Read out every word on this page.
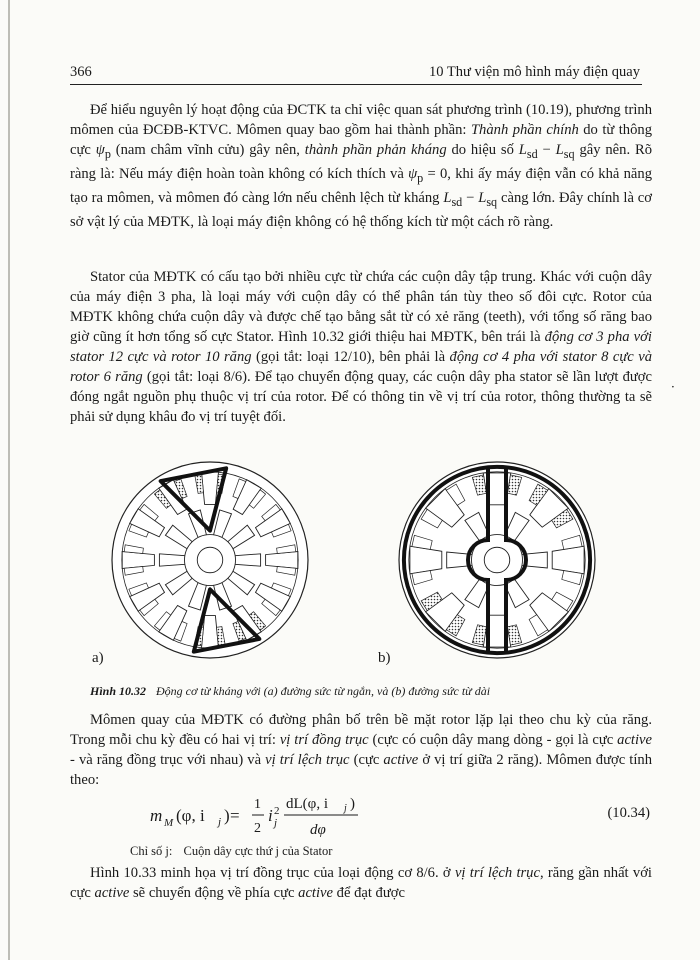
366	10 Thư viện mô hình máy điện quay

Để hiểu nguyên lý hoạt động của ĐCTK ta chỉ việc quan sát phương trình (10.19), phương trình mômen của ĐCĐB-KTVC. Mômen quay bao gồm hai thành phần: Thành phần chính do từ thông cực $\psi_p$ (nam châm vĩnh cửu) gây nên, thành phần phản kháng do hiệu số $L_{sd} - L_{sq}$ gây nên. Rõ ràng là: Nếu máy điện hoàn toàn không có kích thích và $\psi_p = 0$, khi ấy máy điện vẫn có khả năng tạo ra mômen, và mômen đó càng lớn nếu chênh lệch từ kháng $L_{sd} - L_{sq}$ càng lớn. Đây chính là cơ sở vật lý của MĐTK, là loại máy điện không có hệ thống kích từ một cách rõ ràng.

Stator của MĐTK có cấu tạo bởi nhiều cực từ chứa các cuộn dây tập trung. Khác với cuộn dây của máy điện 3 pha, là loại máy với cuộn dây có thể phân tán tùy theo số đôi cực. Rotor của MĐTK không chứa cuộn dây và được chế tạo bằng sắt từ có xẻ răng (teeth), với tổng số răng bao giờ cũng ít hơn tổng số cực Stator. Hình 10.32 giới thiệu hai MĐTK, bên trái là động cơ 3 pha với stator 12 cực và rotor 10 răng (gọi tắt: loại 12/10), bên phải là động cơ 4 pha với stator 8 cực và rotor 6 răng (gọi tắt: loại 8/6). Để tạo chuyển động quay, các cuộn dây pha stator sẽ lần lượt được đóng ngắt nguồn phụ thuộc vị trí của rotor. Để có thông tin về vị trí của rotor, thông thường ta sẽ phải sử dụng khâu đo vị trí tuyệt đối.

·
a)	b)
Hình 10.32 Động cơ từ kháng với (a) đường sức từ ngắn, và (b) đường sức từ dài

Mômen quay của MĐTK có đường phân bố trên bề mặt rotor lặp lại theo chu kỳ của răng. Trong mỗi chu kỳ đều có hai vị trí: vị trí đồng trục (cực có cuộn dây mang dòng - gọi là cực active - và răng đồng trục với nhau) và vị trí lệch trục (cực active ở vị trí giữa 2 răng). Mômen được tính theo:

m M (φ, i j ) =
1
2
i 2
j
dL(φ, i j )
dφ
(10.34)
Chỉ số j: Cuộn dây cực thứ j của Stator

Hình 10.33 minh họa vị trí đồng trục của loại động cơ 8/6. ở vị trí lệch trục, răng gần nhất với cực active sẽ chuyển động về phía cực active để đạt được
